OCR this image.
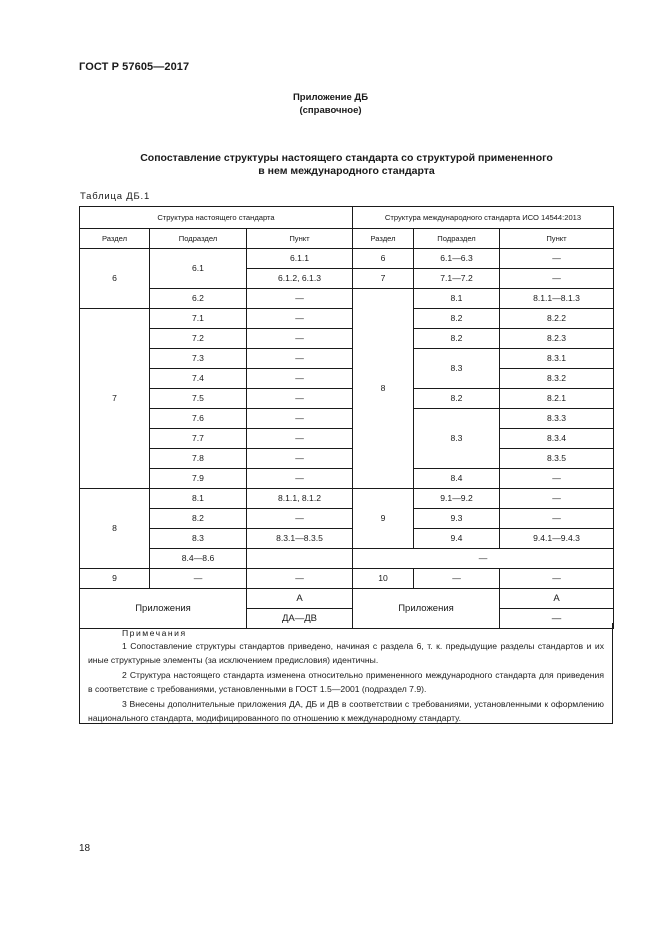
ГОСТ Р 57605—2017
Приложение ДБ
(справочное)
Сопоставление структуры настоящего стандарта со структурой примененного
в нем международного стандарта
Таблица ДБ.1
Структура настоящего стандарта			Структура международного стандарта ИСО 14544:2013		
Раздел	Подраздел	Пункт	Раздел	Подраздел	Пункт
6	6.1	6.1.1	6	6.1—6.3	—
		6.1.2, 6.1.3	7	7.1—7.2	—
	6.2	—	8	8.1	8.1.1—8.1.3
7	7.1	—		8.2	8.2.2
	7.2	—		8.2	8.2.3
	7.3	—		8.3	8.3.1
	7.4	—			8.3.2
	7.5	—		8.2	8.2.1
	7.6	—		8.3	8.3.3
	7.7	—			8.3.4
	7.8	—			8.3.5
	7.9	—		8.4	—
8	8.1	8.1.1, 8.1.2	9	9.1—9.2	—
	8.2	—		9.3	—
	8.3	8.3.1—8.3.5		9.4	9.4.1—9.4.3
	8.4—8.6		—		
9	—	—	10	—	—
Приложения		А	Приложения		А
		ДА—ДВ			—
Примечания

1 Сопоставление структуры стандартов приведено, начиная с раздела 6, т. к. предыдущие разделы стандартов и их иные структурные элементы (за исключением предисловия) идентичны.

2 Структура настоящего стандарта изменена относительно примененного международного стандарта для приведения в соответствие с требованиями, установленными в ГОСТ 1.5—2001 (подраздел 7.9).

3 Внесены дополнительные приложения ДА, ДБ и ДВ в соответствии с требованиями, установленными к оформлению национального стандарта, модифицированного по отношению к международному стандарту.

18
